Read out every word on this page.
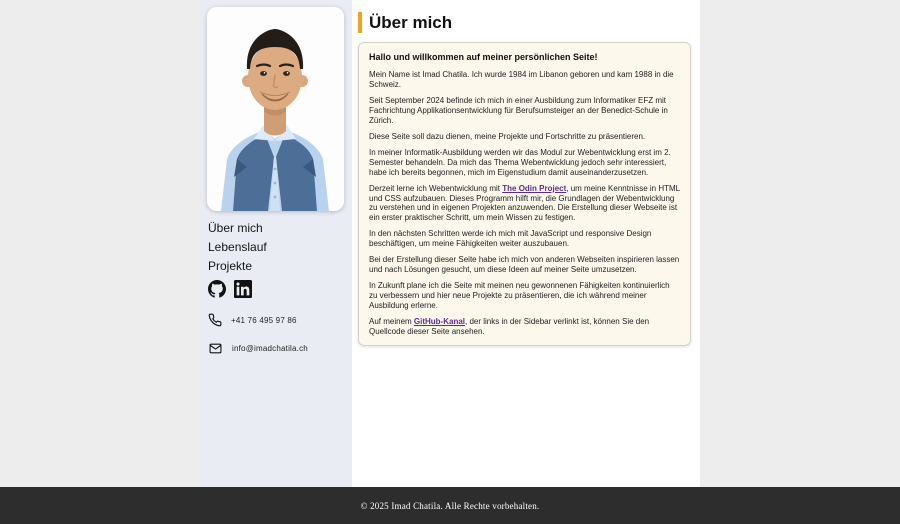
Über mich
Lebenslauf
Projekte
+41 76 495 97 86
info@imadchatila.ch
Über mich
Hallo und willkommen auf meiner persönlichen Seite!

Mein Name ist Imad Chatila. Ich wurde 1984 im Libanon geboren und kam 1988 in die Schweiz.

Seit September 2024 befinde ich mich in einer Ausbildung zum Informatiker EFZ mit Fachrichtung Applikationsentwicklung für Berufsumsteiger an der Benedict-Schule in Zürich.

Diese Seite soll dazu dienen, meine Projekte und Fortschritte zu präsentieren.

In meiner Informatik-Ausbildung werden wir das Modul zur Webentwicklung erst im 2. Semester behandeln. Da mich das Thema Webentwicklung jedoch sehr interessiert, habe ich bereits begonnen, mich im Eigenstudium damit auseinanderzusetzen.

Derzeit lerne ich Webentwicklung mit The Odin Project, um meine Kenntnisse in HTML und CSS aufzubauen. Dieses Programm hilft mir, die Grundlagen der Webentwicklung zu verstehen und in eigenen Projekten anzuwenden. Die Erstellung dieser Webseite ist ein erster praktischer Schritt, um mein Wissen zu festigen.

In den nächsten Schritten werde ich mich mit JavaScript und responsive Design beschäftigen, um meine Fähigkeiten weiter auszubauen.

Bei der Erstellung dieser Seite habe ich mich von anderen Webseiten inspirieren lassen und nach Lösungen gesucht, um diese Ideen auf meiner Seite umzusetzen.

In Zukunft plane ich die Seite mit meinen neu gewonnenen Fähigkeiten kontinuierlich zu verbessern und hier neue Projekte zu präsentieren, die ich während meiner Ausbildung erlerne.

Auf meinem GitHub-Kanal, der links in der Sidebar verlinkt ist, können Sie den Quellcode dieser Seite ansehen.

© 2025 Imad Chatila. Alle Rechte vorbehalten.
